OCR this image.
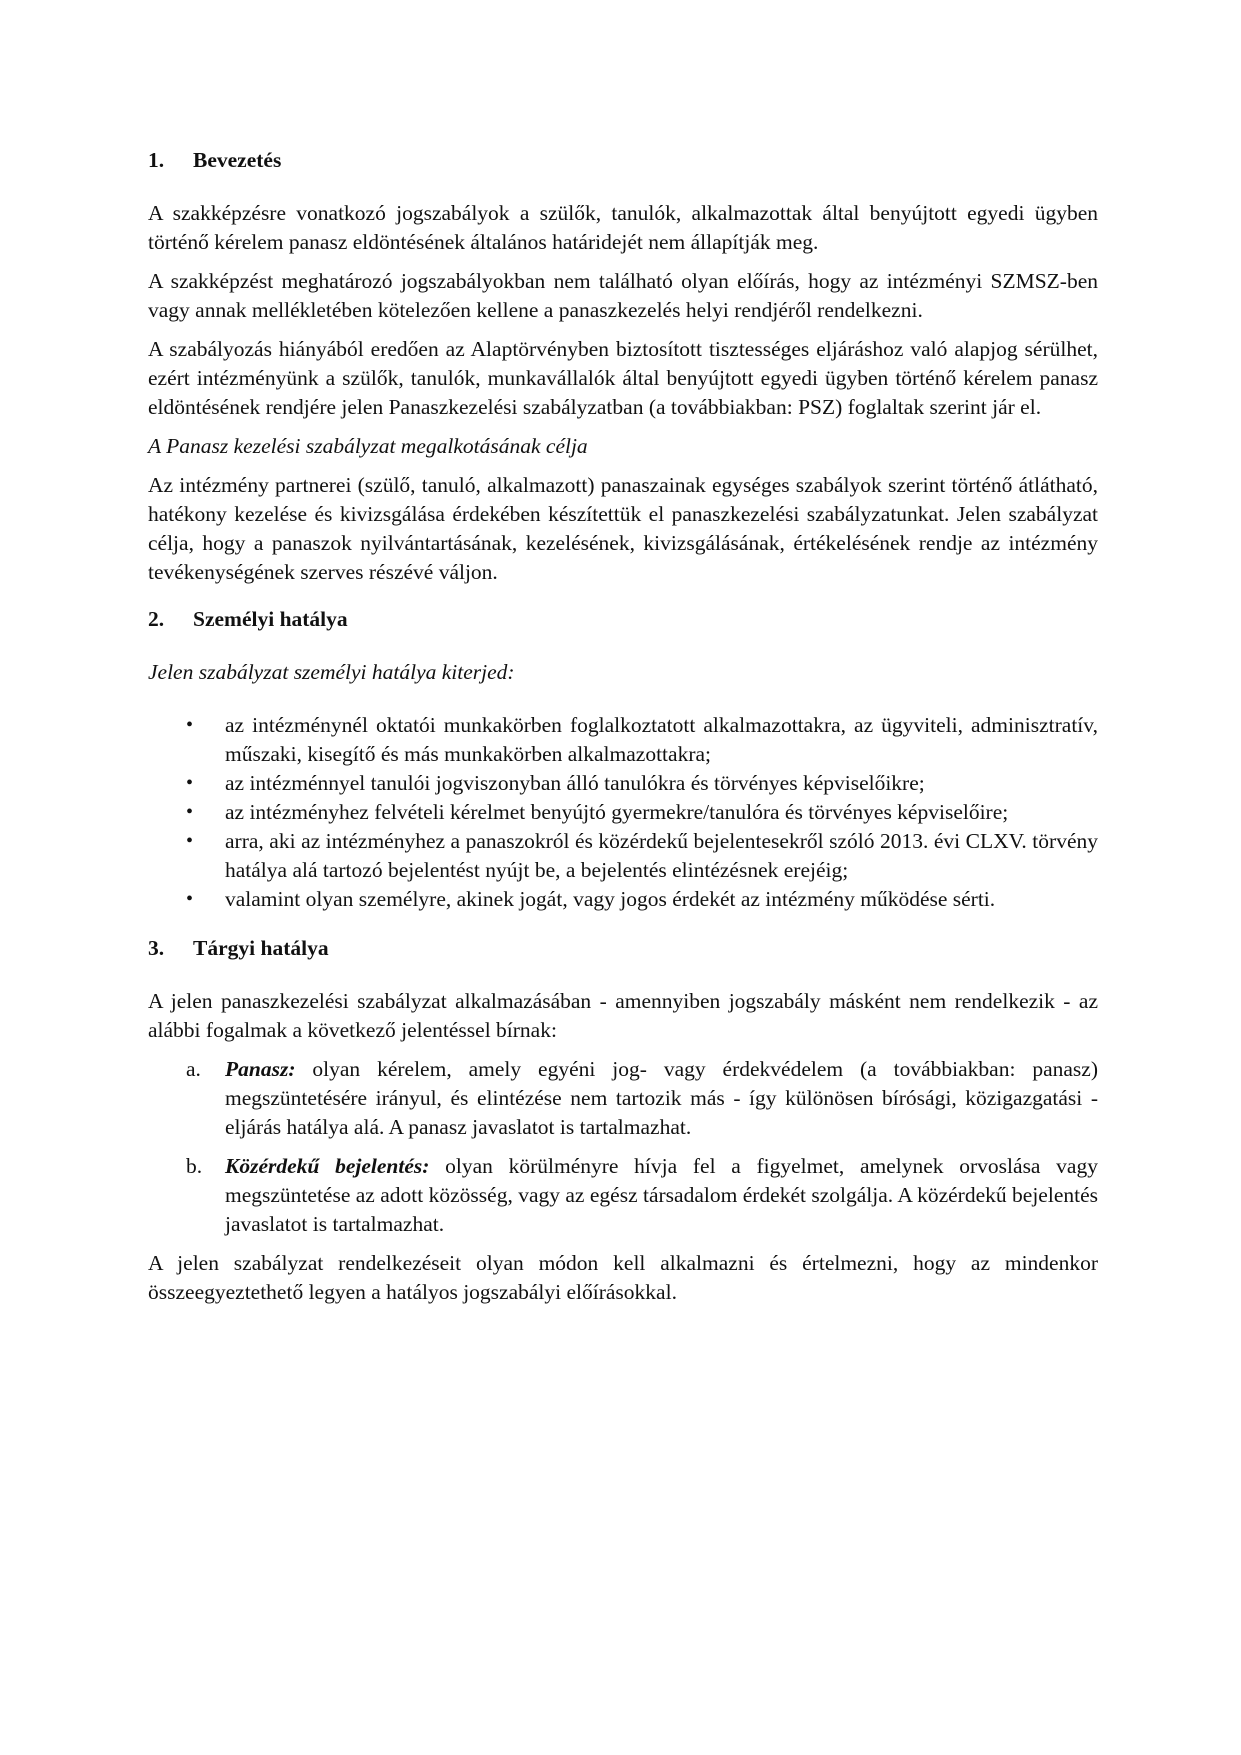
1. Bevezetés

A szakképzésre vonatkozó jogszabályok a szülők, tanulók, alkalmazottak által benyújtott egyedi ügyben történő kérelem panasz eldöntésének általános határidejét nem állapítják meg.

A szakképzést meghatározó jogszabályokban nem található olyan előírás, hogy az intézményi SZMSZ-ben vagy annak mellékletében kötelezően kellene a panaszkezelés helyi rendjéről rendelkezni.

A szabályozás hiányából eredően az Alaptörvényben biztosított tisztességes eljáráshoz való alapjog sérülhet, ezért intézményünk a szülők, tanulók, munkavállalók által benyújtott egyedi ügyben történő kérelem panasz eldöntésének rendjére jelen Panaszkezelési szabályzatban (a továbbiakban: PSZ) foglaltak szerint jár el.

A Panasz kezelési szabályzat megalkotásának célja

Az intézmény partnerei (szülő, tanuló, alkalmazott) panaszainak egységes szabályok szerint történő átlátható, hatékony kezelése és kivizsgálása érdekében készítettük el panaszkezelési szabályzatunkat. Jelen szabályzat célja, hogy a panaszok nyilvántartásának, kezelésének, kivizsgálásának, értékelésének rendje az intézmény tevékenységének szerves részévé váljon.

2. Személyi hatálya

Jelen szabályzat személyi hatálya kiterjed:

• az intézménynél oktatói munkakörben foglalkoztatott alkalmazottakra, az ügyviteli, adminisztratív, műszaki, kisegítő és más munkakörben alkalmazottakra;
• az intézménnyel tanulói jogviszonyban álló tanulókra és törvényes képviselőikre;
• az intézményhez felvételi kérelmet benyújtó gyermekre/tanulóra és törvényes képviselőire;
• arra, aki az intézményhez a panaszokról és közérdekű bejelentesekről szóló 2013. évi CLXV. törvény hatálya alá tartozó bejelentést nyújt be, a bejelentés elintézésnek erejéig;
• valamint olyan személyre, akinek jogát, vagy jogos érdekét az intézmény működése sérti.
3. Tárgyi hatálya

A jelen panaszkezelési szabályzat alkalmazásában - amennyiben jogszabály másként nem rendelkezik - az alábbi fogalmak a következő jelentéssel bírnak:

a. Panasz: olyan kérelem, amely egyéni jog- vagy érdekvédelem (a továbbiakban: panasz) megszüntetésére irányul, és elintézése nem tartozik más - így különösen bírósági, közigazgatási - eljárás hatálya alá. A panasz javaslatot is tartalmazhat.
b. Közérdekű bejelentés: olyan körülményre hívja fel a figyelmet, amelynek orvoslása vagy megszüntetése az adott közösség, vagy az egész társadalom érdekét szolgálja. A közérdekű bejelentés javaslatot is tartalmazhat.

A jelen szabályzat rendelkezéseit olyan módon kell alkalmazni és értelmezni, hogy az mindenkor összeegyeztethető legyen a hatályos jogszabályi előírásokkal.
